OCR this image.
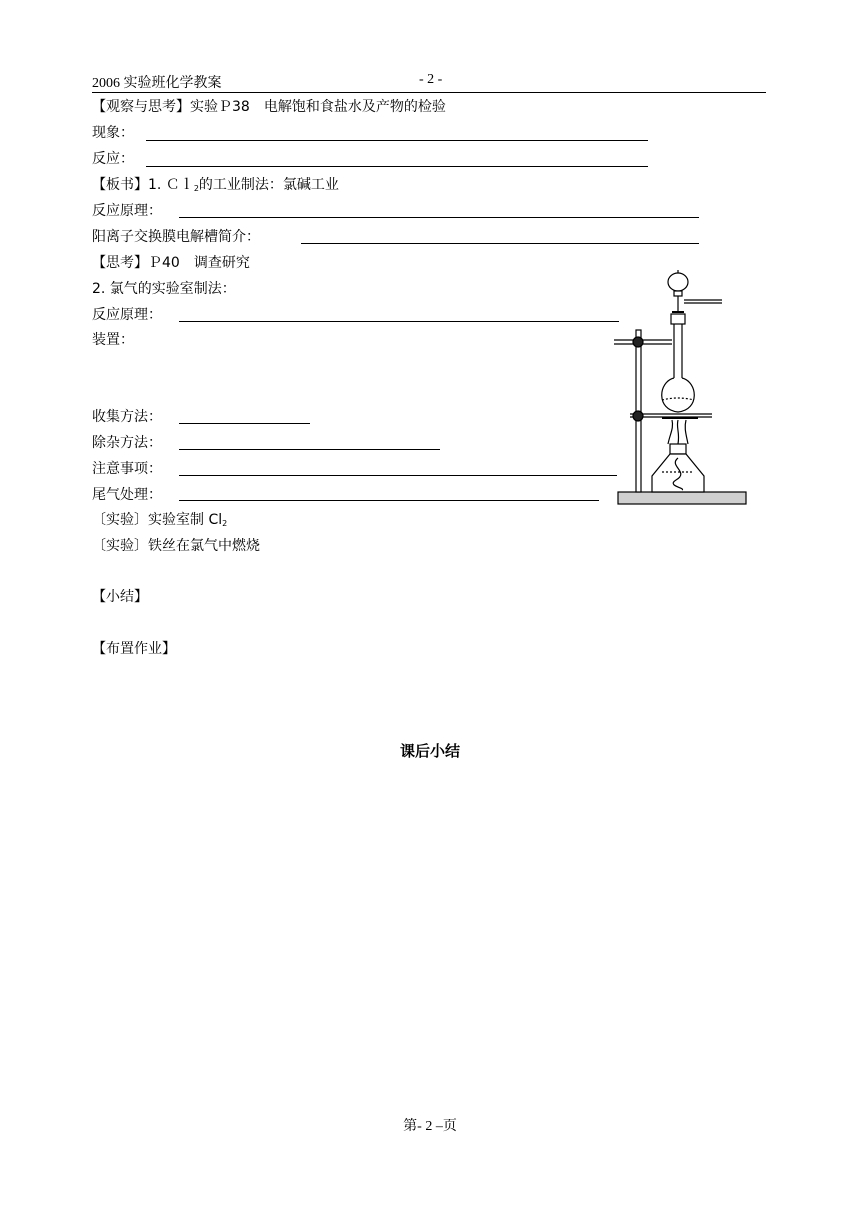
2006 实验班化学教案	- 2 -
【观察与思考】实验Ｐ38　电解饱和食盐水及产物的检验
现象：
反应：
【板书】1. Ｃｌ$_2$的工业制法：氯碱工业
反应原理：
阳离子交换膜电解槽简介：
【思考】Ｐ40　调查研究
2. 氯气的实验室制法：
反应原理：
装置：
收集方法：
除杂方法：
注意事项：
尾气处理：
〔实验〕实验室制 $Cl_2$
〔实验〕铁丝在氯气中燃烧
【小结】
【布置作业】
课后小结
第- 2 –页
